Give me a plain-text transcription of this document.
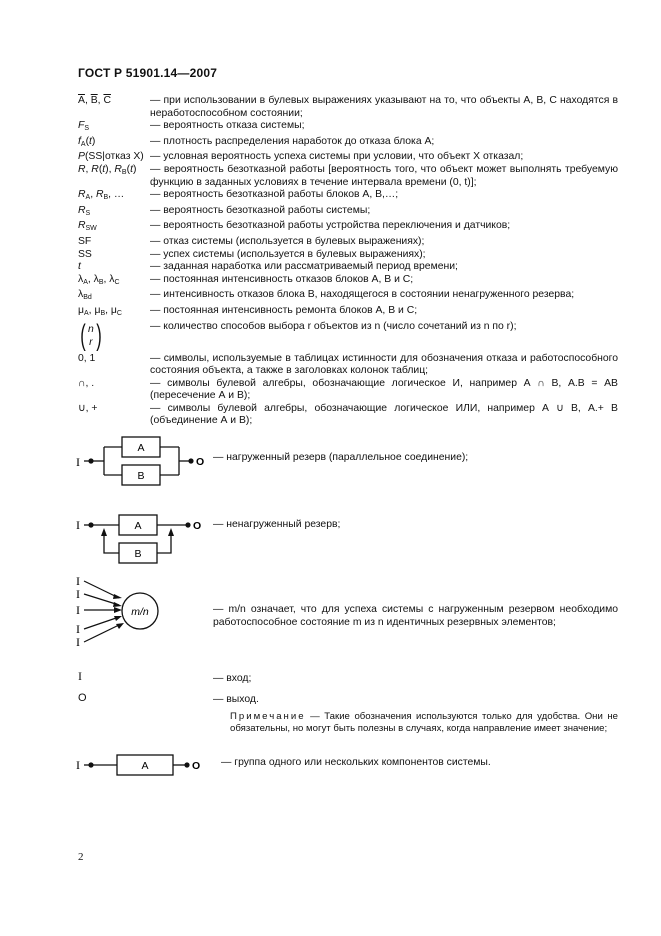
ГОСТ Р 51901.14—2007
$\overline{A}$, $\overline{B}$, $\overline{C}$	— при использовании в булевых выражениях указывают на то, что объекты А, В, С находятся в неработоспособном состоянии;
$F_S$	— вероятность отказа системы;
$f_A(t)$	— плотность распределения наработок до отказа блока А;
P(SS|отказ X) — условная вероятность успеха системы при условии, что объект X отказал;
R, R(t), $R_B(t)$	— вероятность безотказной работы [вероятность того, что объект может выполнять требуемую функцию в заданных условиях в течение интервала времени (0, t)];
$R_A$, $R_B$, …	— вероятность безотказной работы блоков А, В,…;
$R_S$	— вероятность безотказной работы системы;
$R_{SW}$	— вероятность безотказной работы устройства переключения и датчиков;
SF	— отказ системы (используется в булевых выражениях);
SS	— успех системы (используется в булевых выражениях);
t	— заданная наработка или рассматриваемый период времени;
$\lambda_A$, $\lambda_B$, $\lambda_C$	— постоянная интенсивность отказов блоков А, В и С;
$\lambda_{Bd}$	— интенсивность отказов блока В, находящегося в состоянии ненагруженного резерва;
$\mu_A$, $\mu_B$, $\mu_C$	— постоянная интенсивность ремонта блоков А, В и С;
( n
r )	— количество способов выбора r объектов из n (число сочетаний из n по r);
0, 1	— символы, используемые в таблицах истинности для обозначения отказа и работоспособного состояния объекта, а также в заголовках колонок таблиц;
∩, .	— символы булевой алгебры, обозначающие логическое И, например А ∩ В, А.В = АВ (пересечение А и В);
∪, +	— символы булевой алгебры, обозначающие логическое ИЛИ, например А ∪ В, А.+ В (объединение А и В);
I
A
B
O — нагруженный резерв (параллельное соединение);
I	A	O
B
— ненагруженный резерв;
I
I
I
I
I
m/n	— m/n означает, что для успеха системы с нагруженным резервом необходимо работоспособное состояние m из n идентичных резервных элементов;
I	— вход;
O	— выход.
Примечание — Такие обозначения используются только для удобства. Они не обязательны, но могут быть полезны в случаях, когда направление имеет значение;
I	A	O — группа одного или нескольких компонентов системы.
2
